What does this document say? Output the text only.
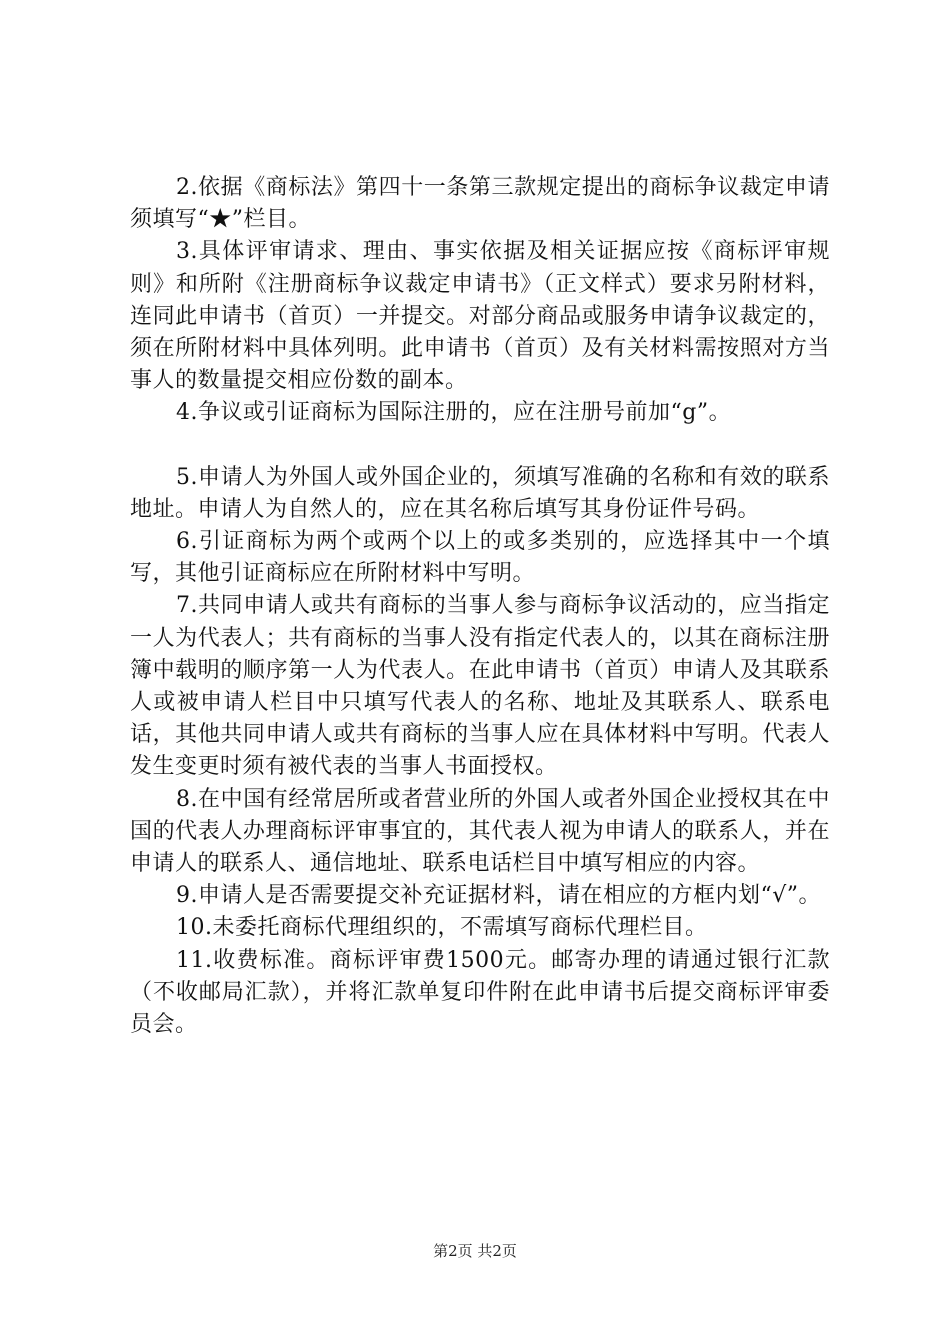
2.依据《商标法》第四十一条第三款规定提出的商标争议裁定申请须填写“★”栏目。

3.具体评审请求、理由、事实依据及相关证据应按《商标评审规则》和所附《注册商标争议裁定申请书》（正文样式）要求另附材料，连同此申请书（首页）一并提交。对部分商品或服务申请争议裁定的，须在所附材料中具体列明。此申请书（首页）及有关材料需按照对方当事人的数量提交相应份数的副本。

4.争议或引证商标为国际注册的，应在注册号前加“g”。

5.申请人为外国人或外国企业的，须填写准确的名称和有效的联系地址。申请人为自然人的，应在其名称后填写其身份证件号码。

6.引证商标为两个或两个以上的或多类别的，应选择其中一个填写，其他引证商标应在所附材料中写明。

7.共同申请人或共有商标的当事人参与商标争议活动的，应当指定一人为代表人；共有商标的当事人没有指定代表人的，以其在商标注册簿中载明的顺序第一人为代表人。在此申请书（首页）申请人及其联系人或被申请人栏目中只填写代表人的名称、地址及其联系人、联系电话，其他共同申请人或共有商标的当事人应在具体材料中写明。代表人发生变更时须有被代表的当事人书面授权。

8.在中国有经常居所或者营业所的外国人或者外国企业授权其在中国的代表人办理商标评审事宜的，其代表人视为申请人的联系人，并在申请人的联系人、通信地址、联系电话栏目中填写相应的内容。

9.申请人是否需要提交补充证据材料，请在相应的方框内划“√”。

10.未委托商标代理组织的，不需填写商标代理栏目。

11.收费标准。商标评审费1500元。邮寄办理的请通过银行汇款（不收邮局汇款），并将汇款单复印件附在此申请书后提交商标评审委员会。

第2页 共2页
